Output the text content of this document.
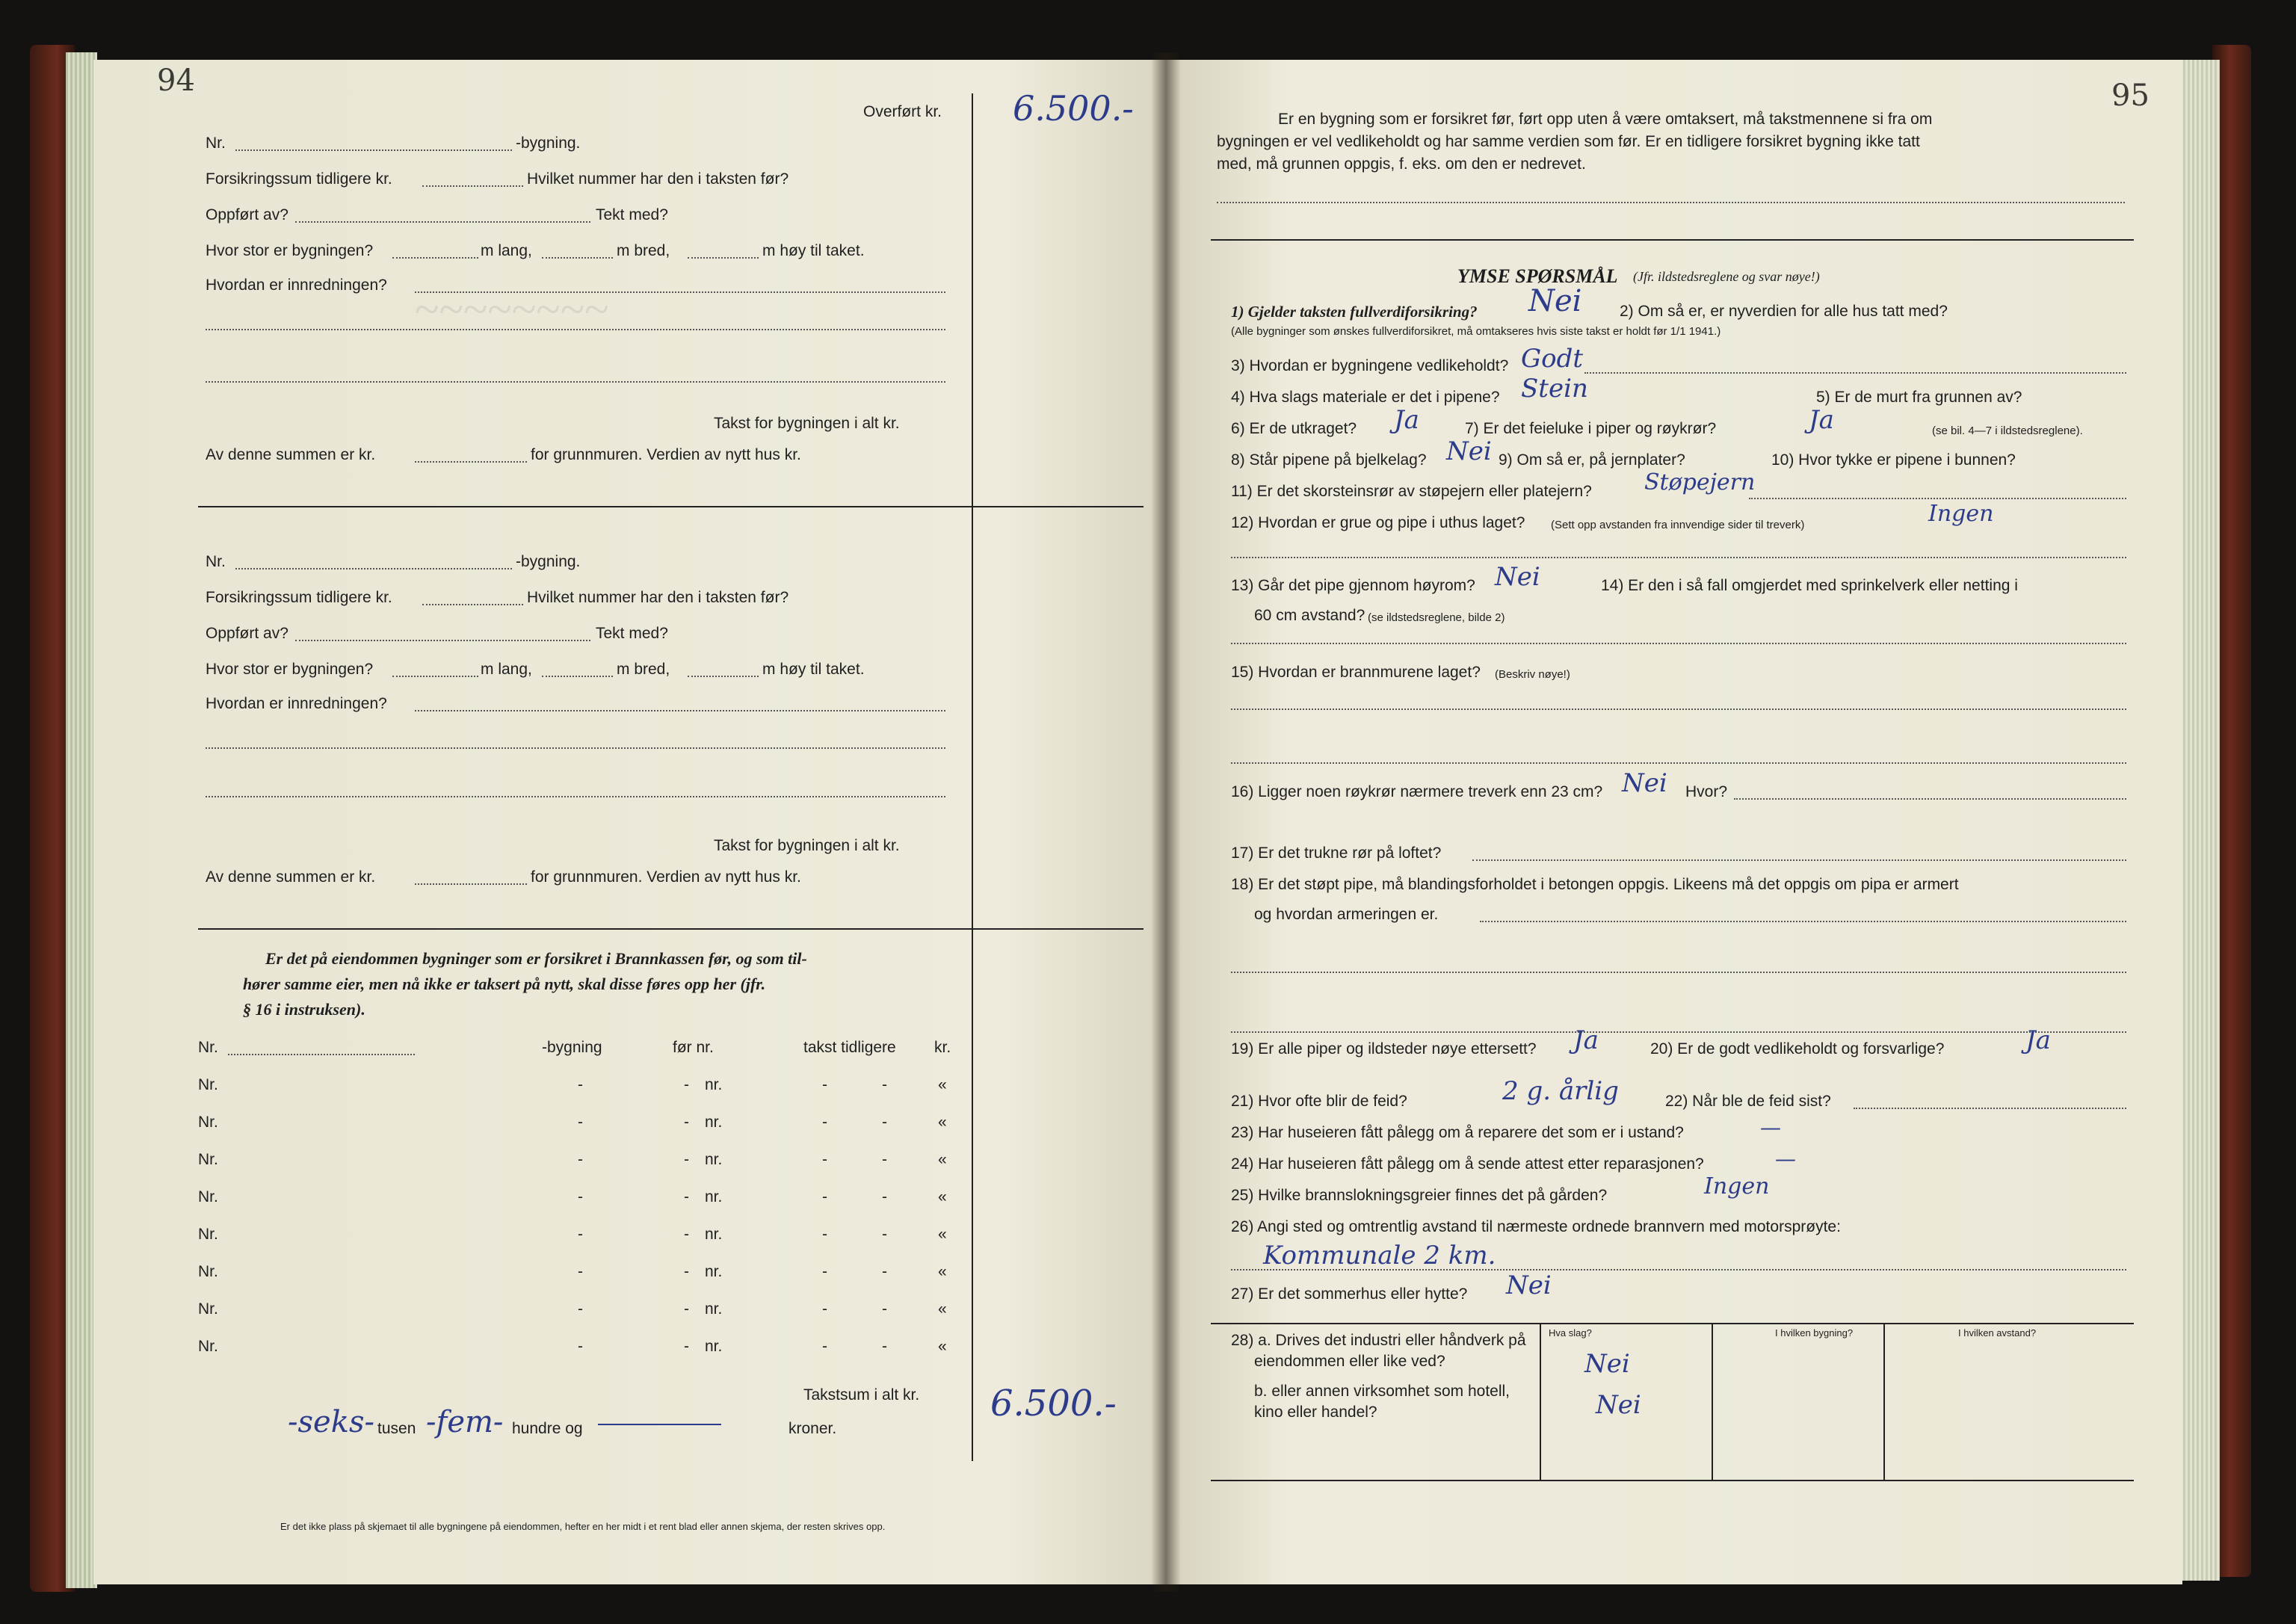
~~~~~~~~
94
Overført kr. 6.500.-
Nr.	-bygning.
Forsikringssum tidligere kr.	Hvilket nummer har den i taksten før?
Oppført av?	Tekt med?
Hvor stor er bygningen?	m lang,	m bred,	m høy til taket.
Hvordan er innredningen?
Takst for bygningen i alt kr.
Av denne summen er kr.	for grunnmuren. Verdien av nytt hus kr.
Nr.	-bygning.
Forsikringssum tidligere kr.	Hvilket nummer har den i taksten før?
Oppført av?	Tekt med?
Hvor stor er bygningen?	m lang,	m bred,	m høy til taket.
Hvordan er innredningen?
Takst for bygningen i alt kr.
Av denne summen er kr.	for grunnmuren. Verdien av nytt hus kr.
Er det på eiendommen bygninger som er forsikret i Brannkassen før, og som til-
hører samme eier, men nå ikke er taksert på nytt, skal disse føres opp her (jfr.
§ 16 i instruksen).
Nr.	-bygning	før nr.	takst tidligere kr.
Nr.	-	- nr.	-	-	«
Nr.	-	- nr.	-	-	«
Nr.	-	- nr.	-	-	«
Nr.	-	- nr.	-	-	«
Nr.	-	- nr.	-	-	«
Nr.	-	- nr.	-	-	«
Nr.	-	- nr.	-	-	«
Nr.	-	- nr.	-	-	«
Takstsum i alt kr. 6.500.-
-seks- tusen -fem- hundre og	kroner.
Er det ikke plass på skjemaet til alle bygningene på eiendommen, hefter en her midt i et rent blad eller annen skjema, der resten skrives opp.
95
Er en bygning som er forsikret før, ført opp uten å være omtaksert, må takstmennene si fra om
bygningen er vel vedlikeholdt og har samme verdien som før. Er en tidligere forsikret bygning ikke tatt
med, må grunnen oppgis, f. eks. om den er nedrevet.
YMSE SPØRSMÅL (Jfr. ildstedsreglene og svar nøye!)
1) Gjelder taksten fullverdiforsikring? Nei 2) Om så er, er nyverdien for alle hus tatt med?
(Alle bygninger som ønskes fullverdiforsikret, må omtakseres hvis siste takst er holdt før 1/1 1941.)
3) Hvordan er bygningene vedlikeholdt? Godt
4) Hva slags materiale er det i pipene? Stein	5) Er de murt fra grunnen av?
6) Er de utkraget? Ja	7) Er det feieluke i piper og røykrør?	Ja	(se bil. 4—7 i ildstedsreglene).
8) Står pipene på bjelkelag? Nei 9) Om så er, på jernplater?	10) Hvor tykke er pipene i bunnen?
11) Er det skorsteinsrør av støpejern eller platejern? Støpejern
12) Hvordan er grue og pipe i uthus laget? (Sett opp avstanden fra innvendige sider til treverk)	Ingen
13) Går det pipe gjennom høyrom? Nei	14) Er den i så fall omgjerdet med sprinkelverk eller netting i
60 cm avstand? (se ildstedsreglene, bilde 2)
15) Hvordan er brannmurene laget? (Beskriv nøye!)
16) Ligger noen røykrør nærmere treverk enn 23 cm? Nei Hvor?
17) Er det trukne rør på loftet?
18) Er det støpt pipe, må blandingsforholdet i betongen oppgis. Likeens må det oppgis om pipa er armert
og hvordan armeringen er.
19) Er alle piper og ildsteder nøye ettersett? Ja	20) Er de godt vedlikeholdt og forsvarlige?	Ja
21) Hvor ofte blir de feid?	2 g. årlig	22) Når ble de feid sist?
23) Har huseieren fått pålegg om å reparere det som er i ustand?	—
24) Har huseieren fått pålegg om å sende attest etter reparasjonen?	—
25) Hvilke brannslokningsgreier finnes det på gården?	Ingen
26) Angi sted og omtrentlig avstand til nærmeste ordnede brannvern med motorsprøyte:
Kommunale 2 km.
27) Er det sommerhus eller hytte? Nei
Hva slag?	I hvilken bygning?	I hvilken avstand?
28) a. Drives det industri eller håndverk på
eiendommen eller like ved?
b. eller annen virksomhet som hotell,
kino eller handel?
Nei
Nei
